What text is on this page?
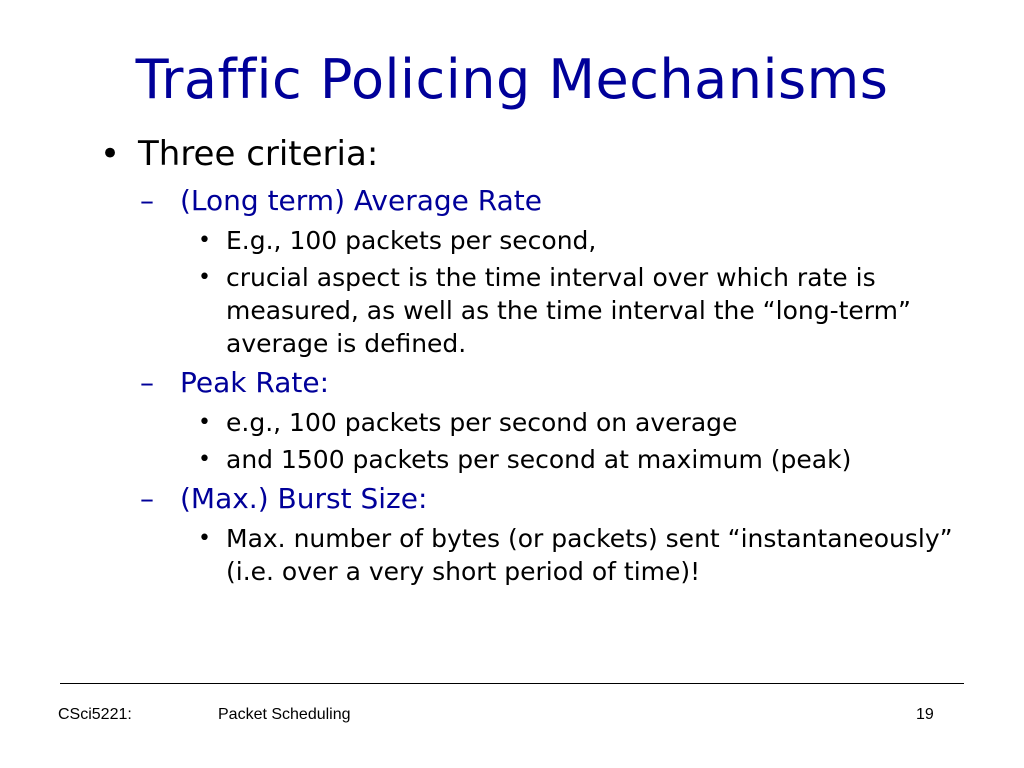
Traffic Policing Mechanisms
• Three criteria:
– (Long term) Average Rate
• E.g., 100 packets per second,
• crucial aspect is the time interval over which rate is measured, as well as the time interval the “long-term” average is defined.
– Peak Rate:
• e.g., 100 packets per second on average
• and 1500 packets per second at maximum (peak)
– (Max.) Burst Size:
• Max. number of bytes (or packets) sent “instantaneously” (i.e. over a very short period of time)!
CSci5221:	Packet Scheduling	19
